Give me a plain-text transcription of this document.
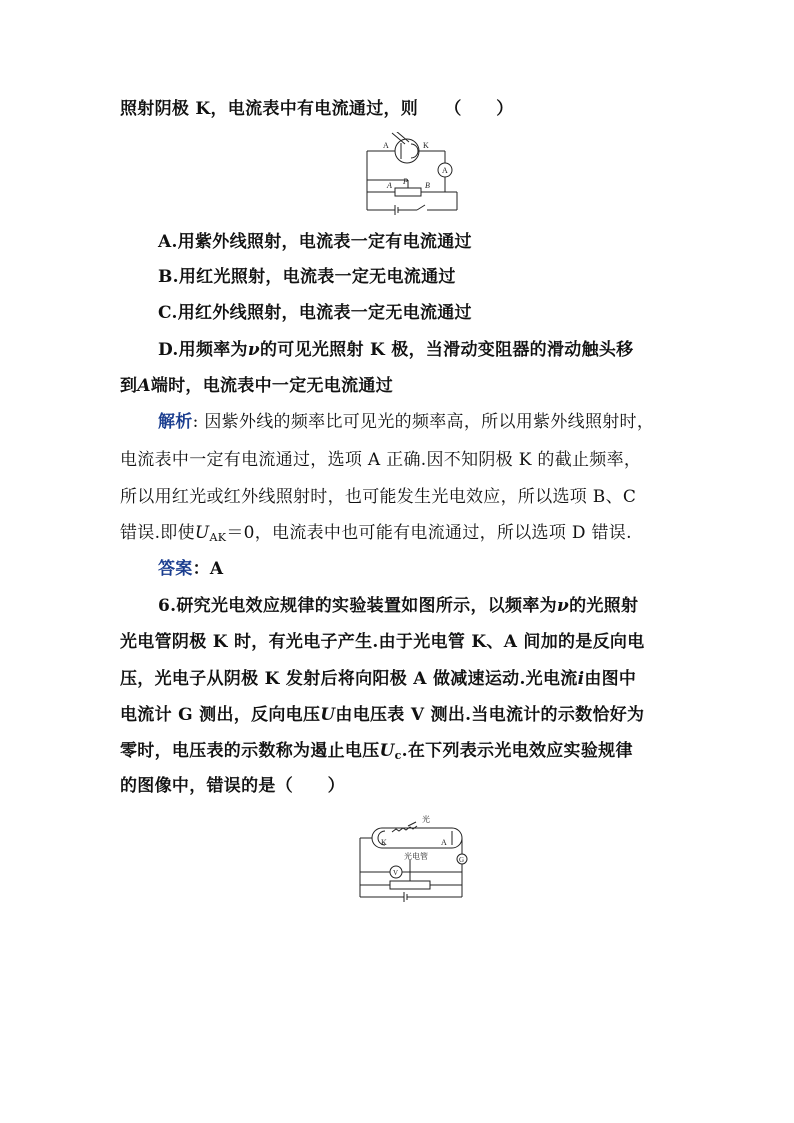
照射阴极 K，电流表中有电流通过，则 （　　）
A	K
A
A P B
A.用紫外线照射，电流表一定有电流通过
B.用红光照射，电流表一定无电流通过
C.用红外线照射，电流表一定无电流通过
D.用频率为ν的可见光照射 K 极，当滑动变阻器的滑动触头移
到A端时，电流表中一定无电流通过
解析: 因紫外线的频率比可见光的频率高，所以用紫外线照射时，
电流表中一定有电流通过，选项 A 正确.因不知阴极 K 的截止频率，
所以用红光或红外线照射时，也可能发生光电效应，所以选项 B、C
错误.即使$U_{AK}=0$，电流表中也可能有电流通过，所以选项 D 错误.
答案：A
6.研究光电效应规律的实验装置如图所示，以频率为ν的光照射
光电管阴极 K 时，有光电子产生.由于光电管 K、A 间加的是反向电
压，光电子从阴极 K 发射后将向阳极 A 做减速运动.光电流i由图中
电流计 G 测出，反向电压U由电压表 V 测出.当电流计的示数恰好为
零时，电压表的示数称为遏止电压$U_c$.在下列表示光电效应实验规律
的图像中，错误的是（　　）
光
K	A
光电管
V
G
